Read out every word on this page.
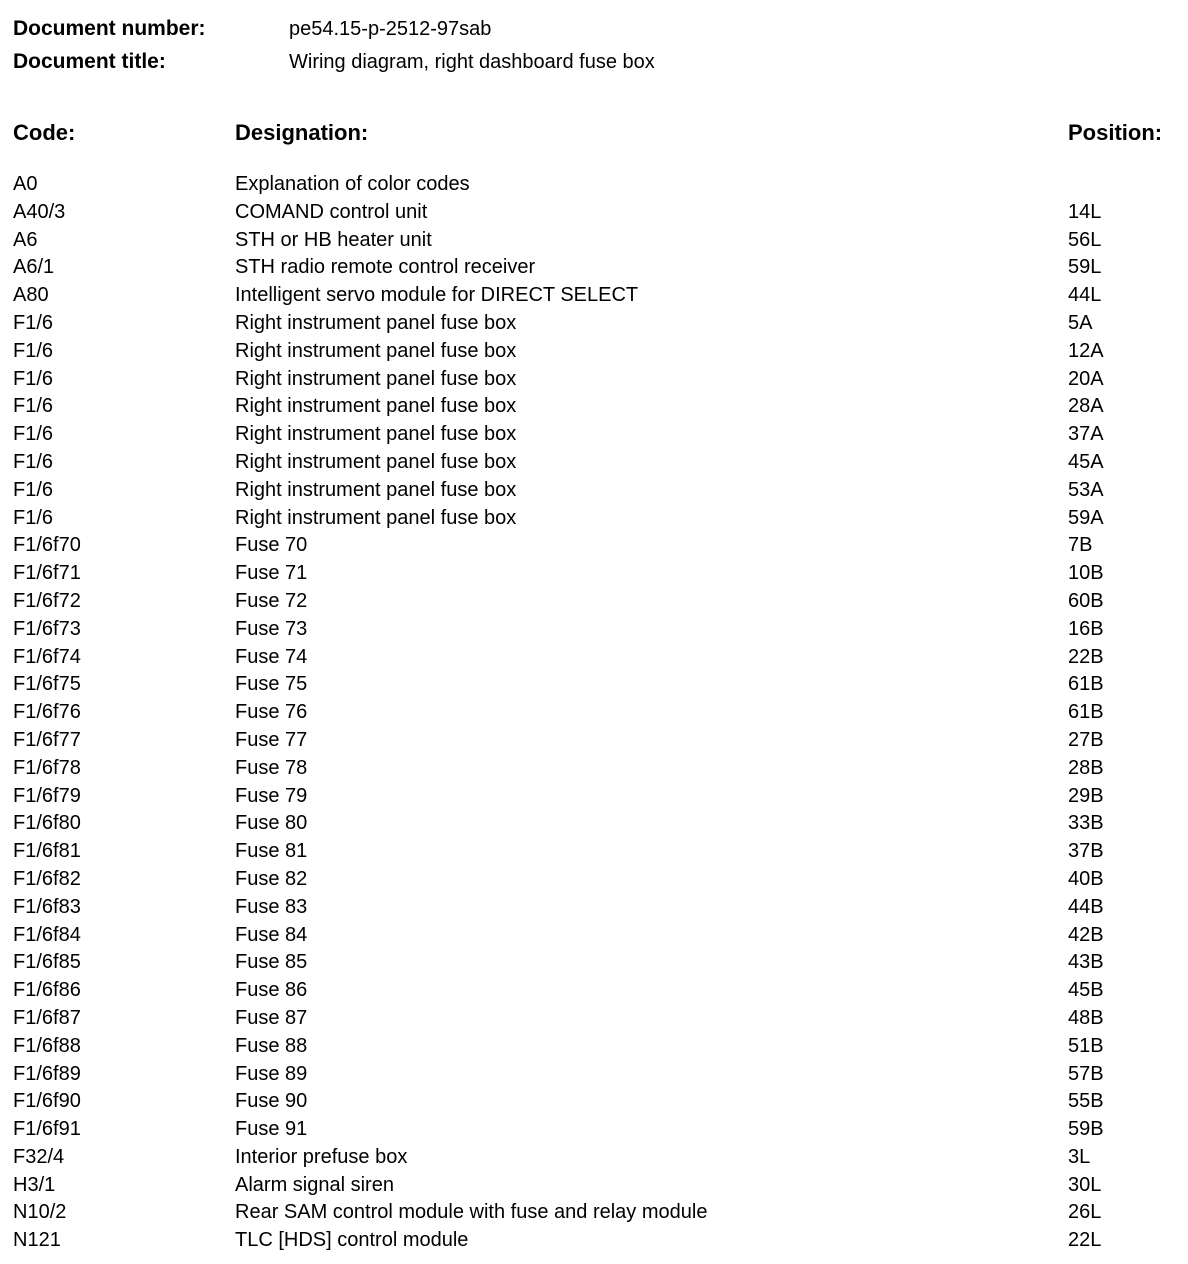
Document number:	pe54.15-p-2512-97sab
Document title:	Wiring diagram, right dashboard fuse box
Code:	Designation:	Position:
A0	Explanation of color codes
A40/3	COMAND control unit	14L
A6	STH or HB heater unit	56L
A6/1	STH radio remote control receiver	59L
A80	Intelligent servo module for DIRECT SELECT	44L
F1/6	Right instrument panel fuse box	5A
F1/6	Right instrument panel fuse box	12A
F1/6	Right instrument panel fuse box	20A
F1/6	Right instrument panel fuse box	28A
F1/6	Right instrument panel fuse box	37A
F1/6	Right instrument panel fuse box	45A
F1/6	Right instrument panel fuse box	53A
F1/6	Right instrument panel fuse box	59A
F1/6f70	Fuse 70	7B
F1/6f71	Fuse 71	10B
F1/6f72	Fuse 72	60B
F1/6f73	Fuse 73	16B
F1/6f74	Fuse 74	22B
F1/6f75	Fuse 75	61B
F1/6f76	Fuse 76	61B
F1/6f77	Fuse 77	27B
F1/6f78	Fuse 78	28B
F1/6f79	Fuse 79	29B
F1/6f80	Fuse 80	33B
F1/6f81	Fuse 81	37B
F1/6f82	Fuse 82	40B
F1/6f83	Fuse 83	44B
F1/6f84	Fuse 84	42B
F1/6f85	Fuse 85	43B
F1/6f86	Fuse 86	45B
F1/6f87	Fuse 87	48B
F1/6f88	Fuse 88	51B
F1/6f89	Fuse 89	57B
F1/6f90	Fuse 90	55B
F1/6f91	Fuse 91	59B
F32/4	Interior prefuse box	3L
H3/1	Alarm signal siren	30L
N10/2	Rear SAM control module with fuse and relay module	26L
N121	TLC [HDS] control module	22L
